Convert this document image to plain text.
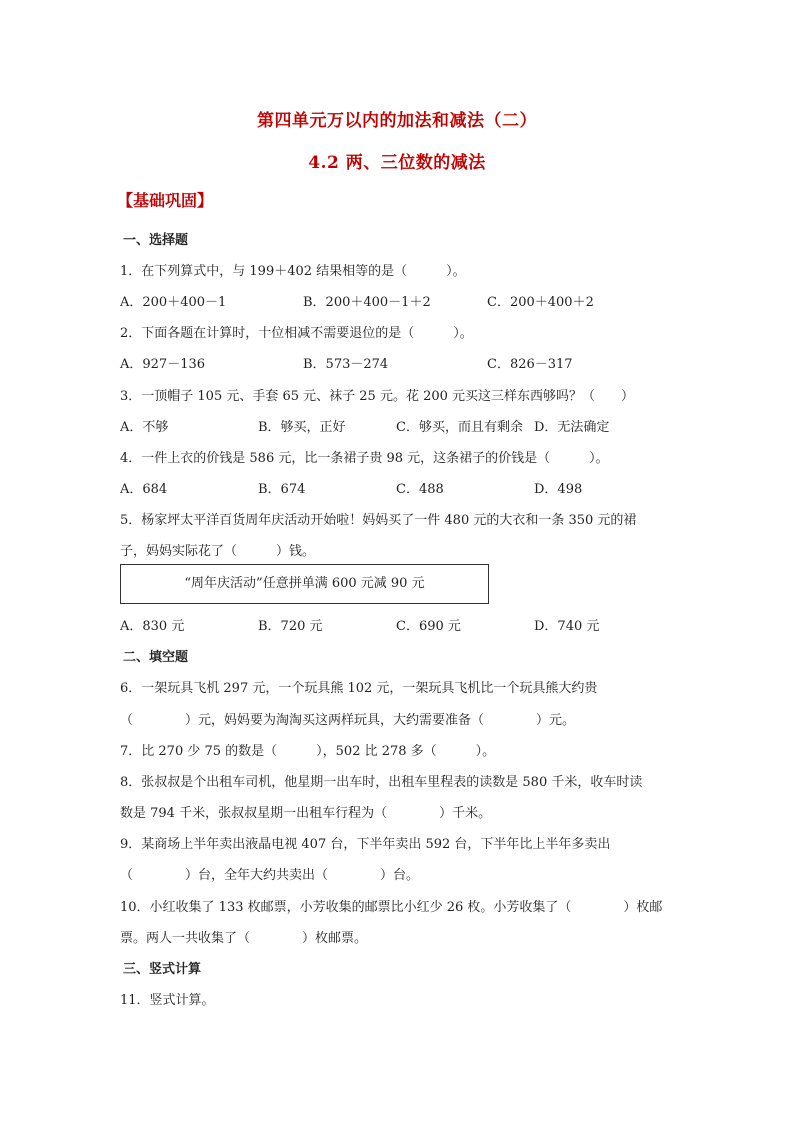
第四单元万以内的加法和减法（二）
4.2 两、三位数的减法
【基础巩固】
一、选择题
1．在下列算式中，与 199＋402 结果相等的是（　　　）。
A．200＋400－1	B．200＋400－1＋2	C．200＋400＋2
2．下面各题在计算时，十位相减不需要退位的是（　　　）。
A．927－136	B．573－274	C．826－317
3．一顶帽子 105 元、手套 65 元、袜子 25 元。花 200 元买这三样东西够吗？（　　）
A．不够	B．够买，正好	C．够买，而且有剩余 D．无法确定
4．一件上衣的价钱是 586 元，比一条裙子贵 98 元，这条裙子的价钱是（　　　）。
A．684	B．674	C．488	D．498
5．杨家坪太平洋百货周年庆活动开始啦！妈妈买了一件 480 元的大衣和一条 350 元的裙
子，妈妈实际花了（　　　）钱。
“周年庆活动”任意拼单满 600 元减 90 元
A．830 元	B．720 元	C．690 元	D．740 元
二、填空题
6．一架玩具飞机 297 元，一个玩具熊 102 元，一架玩具飞机比一个玩具熊大约贵
（　　　　）元，妈妈要为淘淘买这两样玩具，大约需要准备（　　　　）元。
7．比 270 少 75 的数是（　　　），502 比 278 多（　　　）。
8．张叔叔是个出租车司机，他星期一出车时，出租车里程表的读数是 580 千米，收车时读
数是 794 千米，张叔叔星期一出租车行程为（　　　　）千米。
9．某商场上半年卖出液晶电视 407 台，下半年卖出 592 台，下半年比上半年多卖出
（　　　　）台，全年大约共卖出（　　　　）台。
10．小红收集了 133 枚邮票，小芳收集的邮票比小红少 26 枚。小芳收集了（　　　　）枚邮
票。两人一共收集了（　　　　）枚邮票。
三、竖式计算
11．竖式计算。
